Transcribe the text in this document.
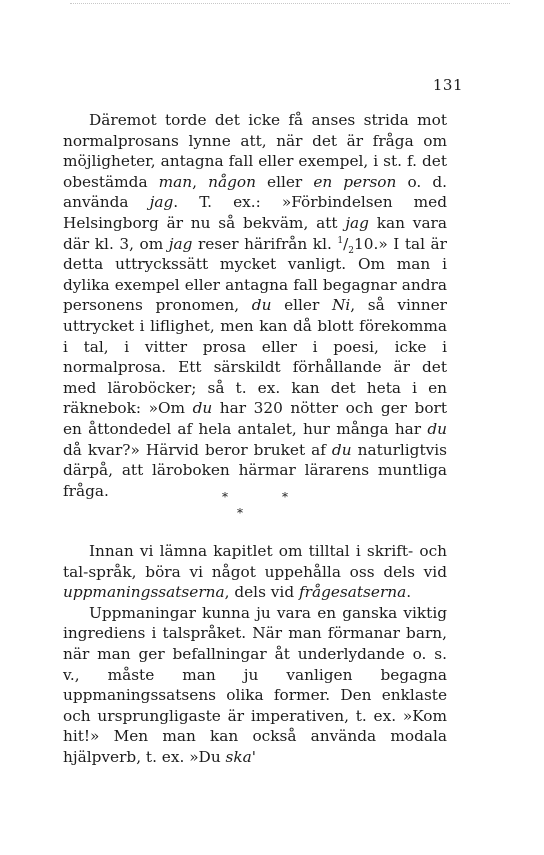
131

Däremot torde det icke få anses strida mot normalprosans lynne att, när det är fråga om möjligheter, antagna fall eller exempel, i st. f. det obestämda man, någon eller en person o. d. använda jag. T. ex.: »Förbindelsen med Helsingborg är nu så bekväm, att jag kan vara där kl. 3, om jag reser härifrån kl. $^1/_210$.» I tal är detta uttryckssätt mycket vanligt. Om man i dylika exempel eller antagna fall begagnar andra personens pronomen, du eller Ni, så vinner uttrycket i liflighet, men kan då blott förekomma i tal, i vitter prosa eller i poesi, icke i normalprosa. Ett särskildt förhållande är det med läroböcker; så t. ex. kan det heta i en räknebok: »Om du har 320 nötter och ger bort en åttondedel af hela antalet, hur många har du då kvar?» Härvid beror bruket af du naturligtvis därpå, att läroboken härmar lärarens muntliga fråga.	*	*
*

Innan vi lämna kapitlet om tilltal i skrift- och tal-språk, böra vi något uppehålla oss dels vid uppmaningssatserna, dels vid frågesatserna.

Uppmaningar kunna ju vara en ganska viktig ingrediens i talspråket. När man förmanar barn, när man ger befallningar åt underlydande o. s. v., måste man ju vanligen begagna uppmaningssatsens olika former. Den enklaste och ursprungligaste är imperativen, t. ex. »Kom hit!» Men man kan också använda modala hjälpverb, t. ex. »Du ska'
